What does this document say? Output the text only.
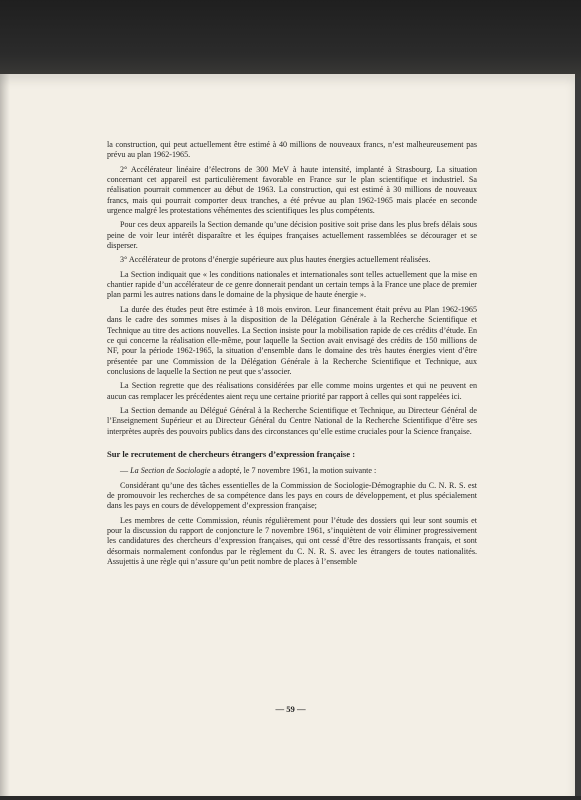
la construction, qui peut actuellement être estimé à 40 millions de nouveaux francs, n’est malheureusement pas prévu au plan 1962-1965.

2° Accélérateur linéaire d’électrons de 300 MeV à haute intensité, implanté à Strasbourg. La situation concernant cet appareil est particulièrement favorable en France sur le plan scientifique et industriel. Sa réalisation pourrait commencer au début de 1963. La construction, qui est estimé à 30 millions de nouveaux francs, mais qui pourrait comporter deux tranches, a été prévue au plan 1962-1965 mais placée en seconde urgence malgré les protestations véhémentes des scientifiques les plus compétents.

Pour ces deux appareils la Section demande qu’une décision positive soit prise dans les plus brefs délais sous peine de voir leur intérêt disparaître et les équipes françaises actuellement rassemblées se décourager et se disperser.

3° Accélérateur de protons d’énergie supérieure aux plus hautes énergies actuellement réalisées.

La Section indiquait que « les conditions nationales et internationales sont telles actuellement que la mise en chantier rapide d’un accélérateur de ce genre donnerait pendant un certain temps à la France une place de premier plan parmi les autres nations dans le domaine de la physique de haute énergie ».

La durée des études peut être estimée à 18 mois environ. Leur financement était prévu au Plan 1962-1965 dans le cadre des sommes mises à la disposition de la Délégation Générale à la Recherche Scientifique et Technique au titre des actions nouvelles. La Section insiste pour la mobilisation rapide de ces crédits d’étude. En ce qui concerne la réalisation elle-même, pour laquelle la Section avait envisagé des crédits de 150 millions de NF, pour la période 1962-1965, la situation d’ensemble dans le domaine des très hautes énergies vient d’être présentée par une Commission de la Délégation Générale à la Recherche Scientifique et Technique, aux conclusions de laquelle la Section ne peut que s’associer.

La Section regrette que des réalisations considérées par elle comme moins urgentes et qui ne peuvent en aucun cas remplacer les précédentes aient reçu une certaine priorité par rapport à celles qui sont rappelées ici.

La Section demande au Délégué Général à la Recherche Scientifique et Technique, au Directeur Général de l’Enseignement Supérieur et au Directeur Général du Centre National de la Recherche Scientifique d’être ses interprètes auprès des pouvoirs publics dans des circonstances qu’elle estime cruciales pour la Science française.

Sur le recrutement de chercheurs étrangers d’expression française :

— La Section de Sociologie a adopté, le 7 novembre 1961, la motion suivante :

Considérant qu’une des tâches essentielles de la Commission de Sociologie-Démographie du C. N. R. S. est de promouvoir les recherches de sa compétence dans les pays en cours de développement, et plus spécialement dans les pays en cours de développement d’expression française;

Les membres de cette Commission, réunis régulièrement pour l’étude des dossiers qui leur sont soumis et pour la discussion du rapport de conjoncture le 7 novembre 1961, s’inquiètent de voir éliminer progressivement les candidatures des chercheurs d’expression françaises, qui ont cessé d’être des ressortissants français, et sont désormais normalement confondus par le règlement du C. N. R. S. avec les étrangers de toutes nationalités. Assujettis à une règle qui n’assure qu’un petit nombre de places à l’ensemble

— 59 —
